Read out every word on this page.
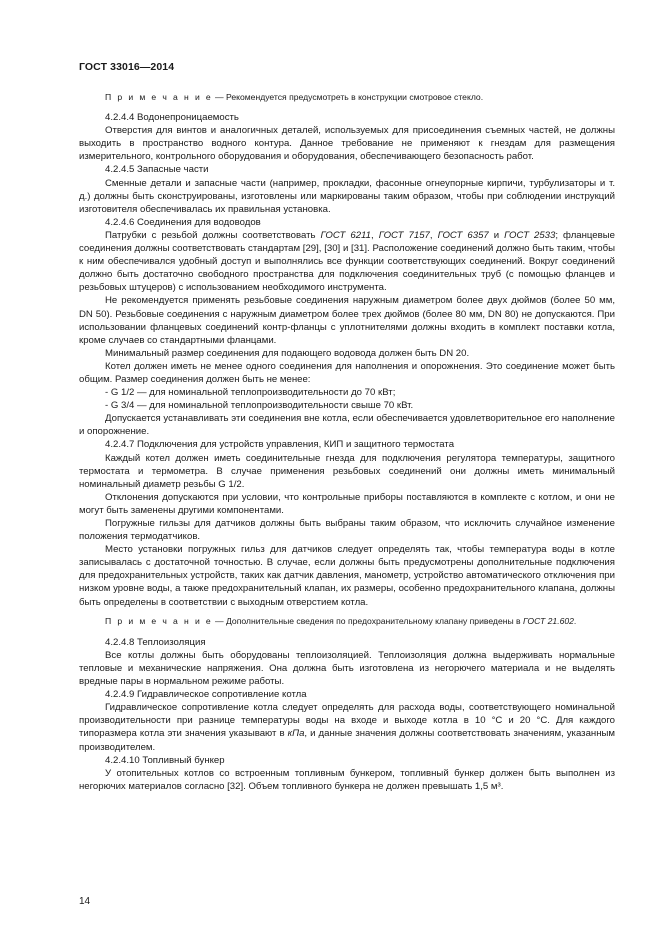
ГОСТ 33016—2014

П р и м е ч а н и е — Рекомендуется предусмотреть в конструкции смотровое стекло.

4.2.4.4 Водонепроницаемость

Отверстия для винтов и аналогичных деталей, используемых для присоединения съемных частей, не должны выходить в пространство водного контура. Данное требование не применяют к гнездам для размещения измерительного, контрольного оборудования и оборудования, обеспечивающего безопасность работ.

4.2.4.5 Запасные части

Сменные детали и запасные части (например, прокладки, фасонные огнеупорные кирпичи, турбулизаторы и т. д.) должны быть сконструированы, изготовлены или маркированы таким образом, чтобы при соблюдении инструкций изготовителя обеспечивалась их правильная установка.

4.2.4.6 Соединения для водоводов

Патрубки с резьбой должны соответствовать ГОСТ 6211, ГОСТ 7157, ГОСТ 6357 и ГОСТ 2533; фланцевые соединения должны соответствовать стандартам [29], [30] и [31]. Расположение соединений должно быть таким, чтобы к ним обеспечивался удобный доступ и выполнялись все функции соответствующих соединений. Вокруг соединений должно быть достаточно свободного пространства для подключения соединительных труб (с помощью фланцев и резьбовых штуцеров) с использованием необходимого инструмента.

Не рекомендуется применять резьбовые соединения наружным диаметром более двух дюймов (более 50 мм, DN 50). Резьбовые соединения с наружным диаметром более трех дюймов (более 80 мм, DN 80) не допускаются. При использовании фланцевых соединений контр-фланцы с уплотнителями должны входить в комплект поставки котла, кроме случаев со стандартными фланцами.

Минимальный размер соединения для подающего водовода должен быть DN 20.

Котел должен иметь не менее одного соединения для наполнения и опорожнения. Это соединение может быть общим. Размер соединения должен быть не менее:

- G 1/2 — для номинальной теплопроизводительности до 70 кВт;

- G 3/4 — для номинальной теплопроизводительности свыше 70 кВт.

Допускается устанавливать эти соединения вне котла, если обеспечивается удовлетворительное его наполнение и опорожнение.

4.2.4.7 Подключения для устройств управления, КИП и защитного термостата

Каждый котел должен иметь соединительные гнезда для подключения регулятора температуры, защитного термостата и термометра. В случае применения резьбовых соединений они должны иметь минимальный номинальный диаметр резьбы G 1/2.

Отклонения допускаются при условии, что контрольные приборы поставляются в комплекте с котлом, и они не могут быть заменены другими компонентами.

Погружные гильзы для датчиков должны быть выбраны таким образом, что исключить случайное изменение положения термодатчиков.

Место установки погружных гильз для датчиков следует определять так, чтобы температура воды в котле записывалась с достаточной точностью. В случае, если должны быть предусмотрены дополнительные подключения для предохранительных устройств, таких как датчик давления, манометр, устройство автоматического отключения при низком уровне воды, а также предохранительный клапан, их размеры, особенно предохранительного клапана, должны быть определены в соответствии с выходным отверстием котла.

П р и м е ч а н и е — Дополнительные сведения по предохранительному клапану приведены в ГОСТ 21.602.

4.2.4.8 Теплоизоляция

Все котлы должны быть оборудованы теплоизоляцией. Теплоизоляция должна выдерживать нормальные тепловые и механические напряжения. Она должна быть изготовлена из негорючего материала и не выделять вредные пары в нормальном режиме работы.

4.2.4.9 Гидравлическое сопротивление котла

Гидравлическое сопротивление котла следует определять для расхода воды, соответствующего номинальной производительности при разнице температуры воды на входе и выходе котла в 10 °С и 20 °С. Для каждого типоразмера котла эти значения указывают в кПа, и данные значения должны соответствовать значениям, указанным производителем.

4.2.4.10 Топливный бункер

У отопительных котлов со встроенным топливным бункером, топливный бункер должен быть выполнен из негорючих материалов согласно [32]. Объем топливного бункера не должен превышать 1,5 м³.

14
